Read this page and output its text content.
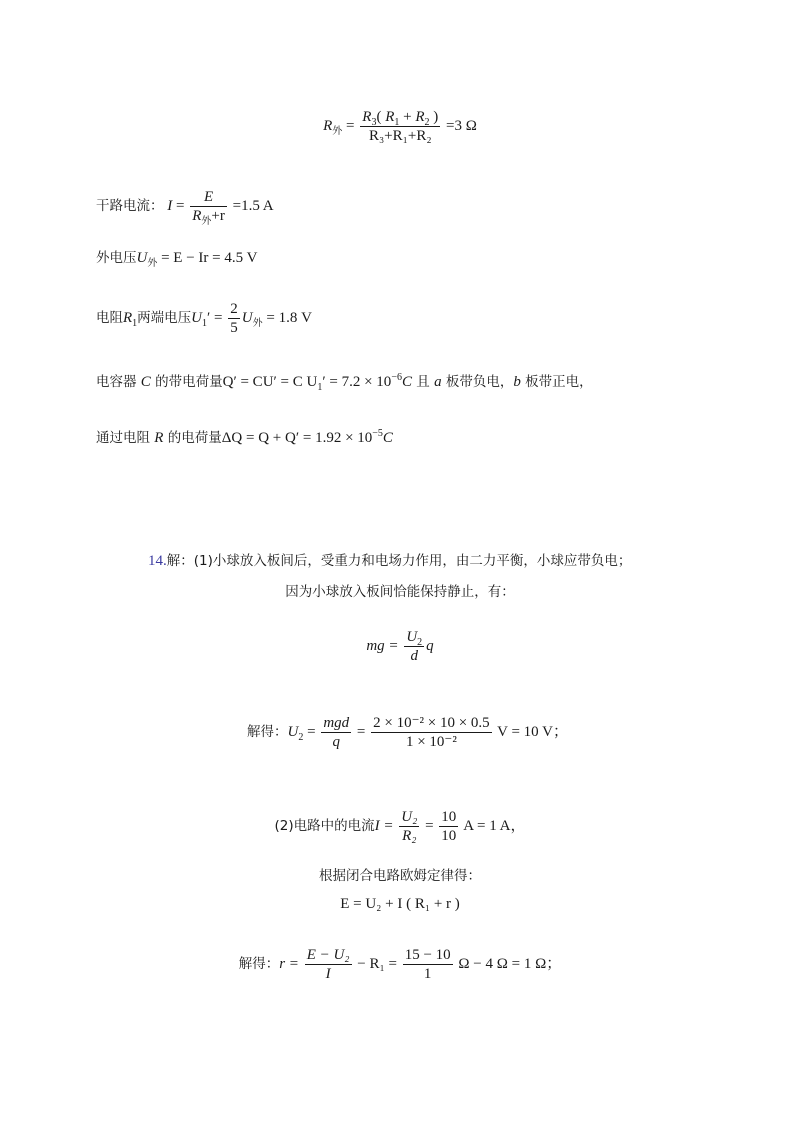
$R_外 = \frac{R_3( R_1 + R_2 )}{\text{R₃+R₁+R₂}} =3$ Ω
干路电流： $I = \frac{E}{R_外+r} =1.5$ A
外电压$U_外 = E - Ir = 4.5$ V
电阻$R_1$两端电压$U_1' = \frac{2}{5} U_外 = 1.8$ V
电容器 C 的带电荷量Q′ = CU′ = C $U_1' = 7.2 \times 10^{-6}C$ 且 a 板带负电，b 板带正电，
通过电阻 R 的电荷量$\Delta Q = Q + Q' = 1.92 \times 10^{-5}C$
14.解：(1)小球放入板间后，受重力和电场力作用，由二力平衡，小球应带负电；
因为小球放入板间恰能保持静止，有：
mg = $\frac{U_2}{d}$ q
解得：$U_2 = \frac{\text{mgd}}{q} = \frac{\text{2 × 10⁻² × 10 × 0.5}}{\text{1 × 10⁻²}}$ V = 10 V；
(2)电路中的电流$I = \frac{\text{U₂}}{\text{R₂}} = \frac{10}{10}$ A = 1 A，
根据闭合电路欧姆定律得：
E = U₂ + I ( R₁ + r )
解得：$r = \frac{\text{E − U₂}}{I} - R_1 = \frac{15 - 10}{1}$ Ω − 4 Ω = 1 Ω；
